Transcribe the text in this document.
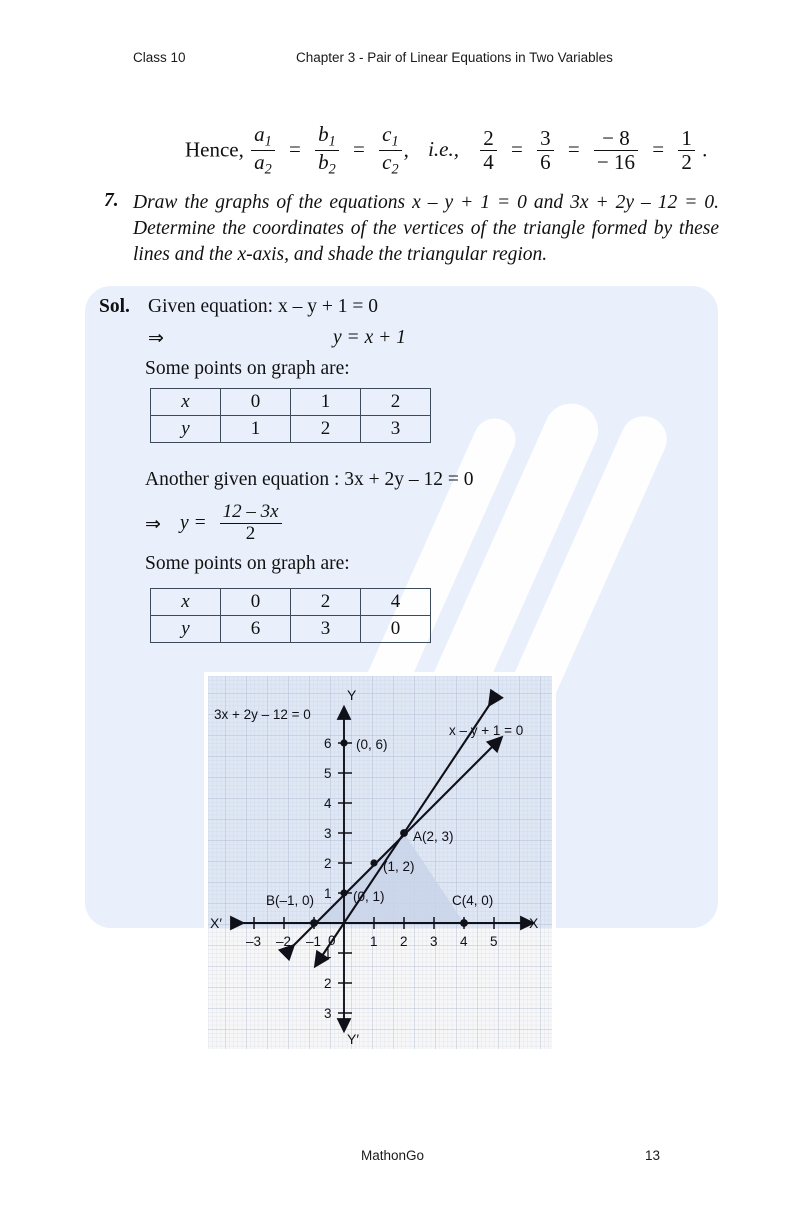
Class 10	Chapter 3 - Pair of Linear Equations in Two Variables
Hence, $\frac{a_1}{a_2} = \frac{b_1}{b_2} = \frac{c_1}{c_2}$ , i.e., $\frac{2}{4} = \frac{3}{6} = \frac{- 8}{- 16} = \frac{1}{2}$ .
7. Draw the graphs of the equations x – y + 1 = 0 and 3x + 2y – 12 = 0. Determine the coordinates of the vertices of the triangle formed by these lines and the x-axis, and shade the triangular region.
Sol. Given equation: x – y + 1 = 0
⇒	y = x + 1
Some points on graph are:
x	0	1	2
y	1	2	3
Another given equation : 3x + 2y – 12 = 0
⇒ $y = \frac{12 - 3x}{2}$
Some points on graph are:
x	0	2	4
y	6	3	0
Y
Y′
X
X′
0
–3 –2 –1	1 2 3 4 5
1
2
3
4
5
6
1
2
3
3x + 2y – 12 = 0
x – y + 1 = 0
(0, 6)
A(2, 3)
(1, 2)
(0, 1)
B(–1, 0)	C(4, 0)
MathonGo	13
